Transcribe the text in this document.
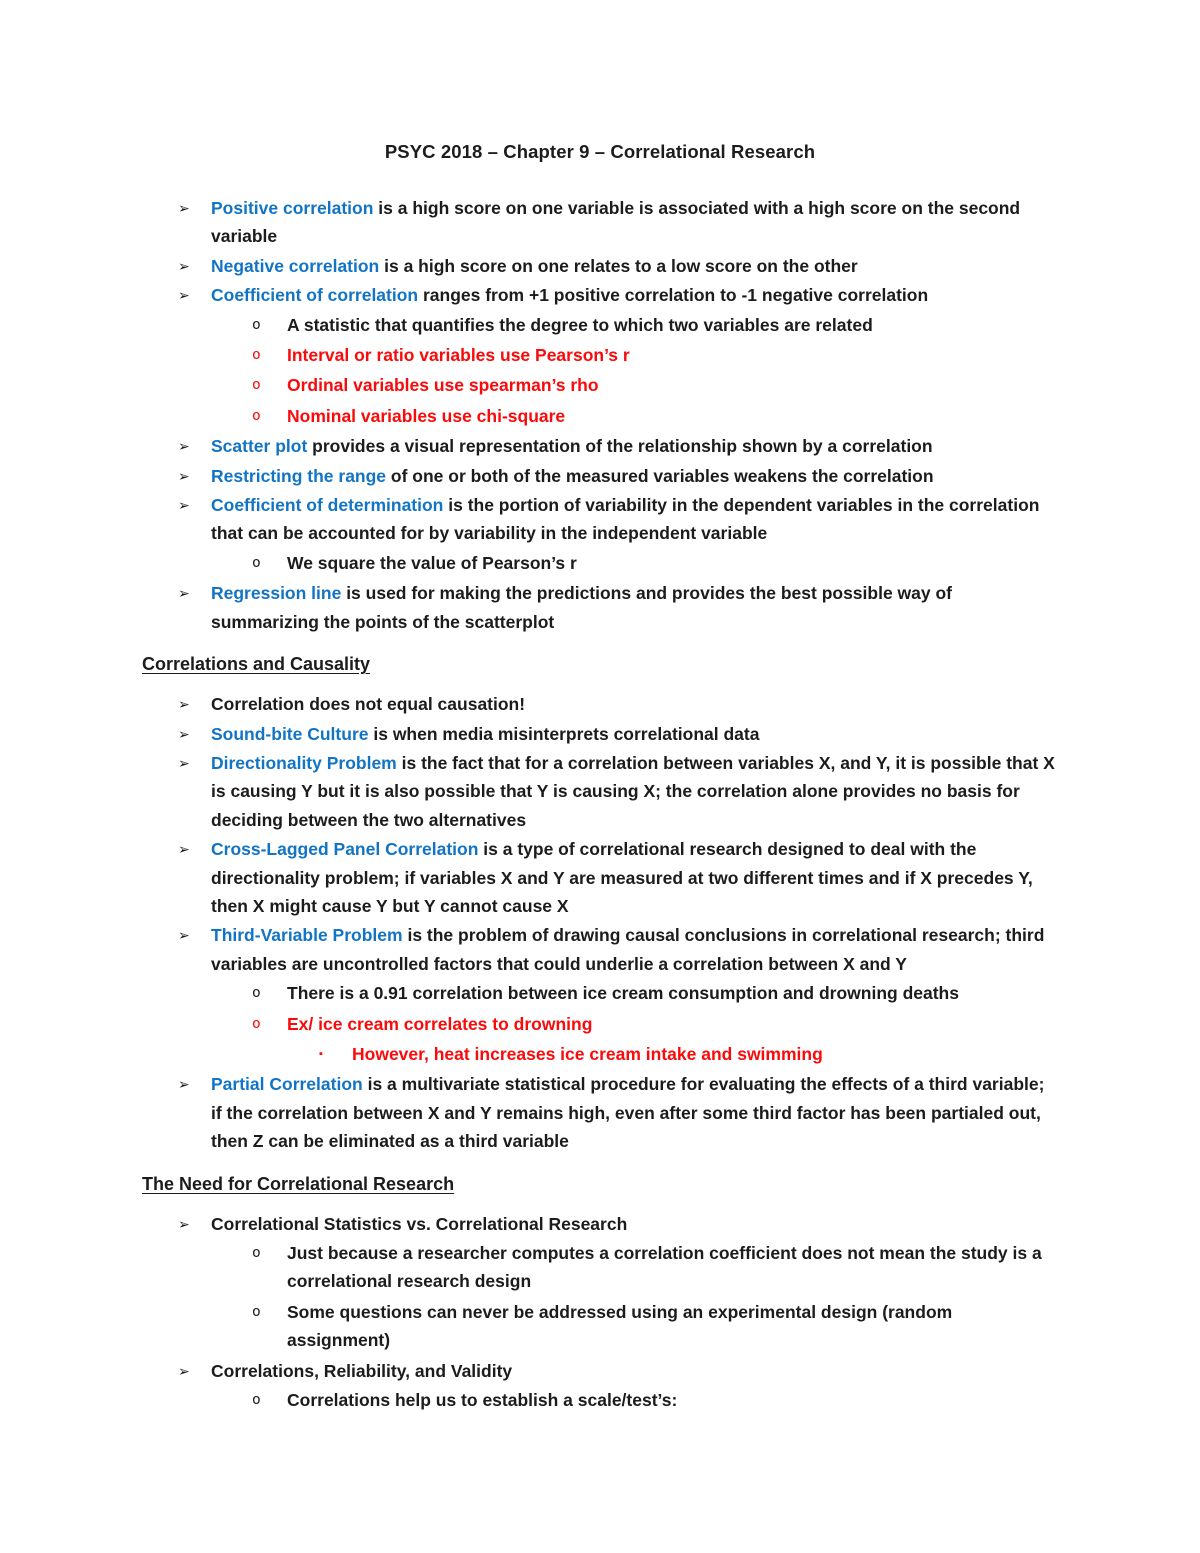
PSYC 2018 – Chapter 9 – Correlational Research
➢ Positive correlation is a high score on one variable is associated with a high score on the second variable
➢ Negative correlation is a high score on one relates to a low score on the other
➢ Coefficient of correlation ranges from +1 positive correlation to -1 negative correlation
o A statistic that quantifies the degree to which two variables are related
o Interval or ratio variables use Pearson’s r
o Ordinal variables use spearman’s rho
o Nominal variables use chi-square
➢ Scatter plot provides a visual representation of the relationship shown by a correlation
➢ Restricting the range of one or both of the measured variables weakens the correlation
➢ Coefficient of determination is the portion of variability in the dependent variables in the correlation that can be accounted for by variability in the independent variable
o We square the value of Pearson’s r
➢ Regression line is used for making the predictions and provides the best possible way of summarizing the points of the scatterplot
Correlations and Causality
➢ Correlation does not equal causation!
➢ Sound-bite Culture is when media misinterprets correlational data
➢ Directionality Problem is the fact that for a correlation between variables X, and Y, it is possible that X is causing Y but it is also possible that Y is causing X; the correlation alone provides no basis for deciding between the two alternatives
➢ Cross-Lagged Panel Correlation is a type of correlational research designed to deal with the directionality problem; if variables X and Y are measured at two different times and if X precedes Y, then X might cause Y but Y cannot cause X
➢ Third-Variable Problem is the problem of drawing causal conclusions in correlational research; third variables are uncontrolled factors that could underlie a correlation between X and Y
o There is a 0.91 correlation between ice cream consumption and drowning deaths
o Ex/ ice cream correlates to drowning
▪ However, heat increases ice cream intake and swimming
➢ Partial Correlation is a multivariate statistical procedure for evaluating the effects of a third variable; if the correlation between X and Y remains high, even after some third factor has been partialed out, then Z can be eliminated as a third variable
The Need for Correlational Research
➢ Correlational Statistics vs. Correlational Research
o Just because a researcher computes a correlation coefficient does not mean the study is a correlational research design
o Some questions can never be addressed using an experimental design (random assignment)
➢ Correlations, Reliability, and Validity
o Correlations help us to establish a scale/test’s:
